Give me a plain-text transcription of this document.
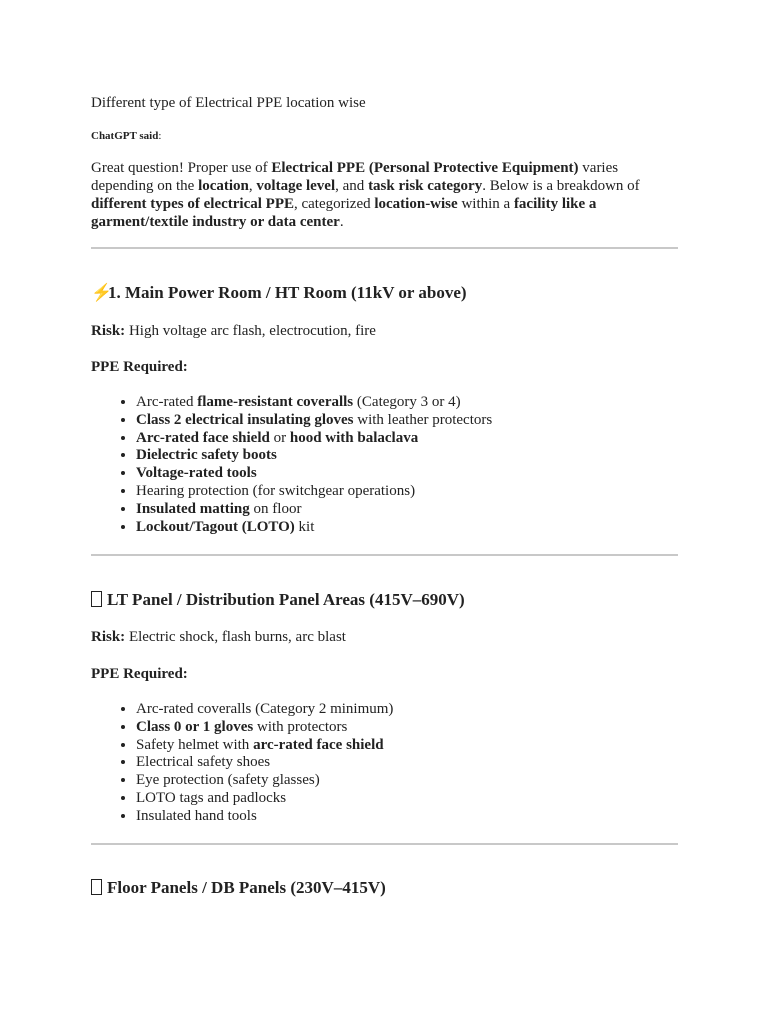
Different type of Electrical PPE location wise

ChatGPT said:

Great question! Proper use of Electrical PPE (Personal Protective Equipment) varies depending on the location, voltage level, and task risk category. Below is a breakdown of different types of electrical PPE, categorized location-wise within a facility like a garment/textile industry or data center.

⚡1. Main Power Room / HT Room (11kV or above)

Risk: High voltage arc flash, electrocution, fire

PPE Required:

• Arc-rated flame-resistant coveralls (Category 3 or 4)
• Class 2 electrical insulating gloves with leather protectors
• Arc-rated face shield or hood with balaclava
• Dielectric safety boots
• Voltage-rated tools
• Hearing protection (for switchgear operations)
• Insulated matting on floor
• Lockout/Tagout (LOTO) kit
LT Panel / Distribution Panel Areas (415V–690V)

Risk: Electric shock, flash burns, arc blast

PPE Required:

• Arc-rated coveralls (Category 2 minimum)
• Class 0 or 1 gloves with protectors
• Safety helmet with arc-rated face shield
• Electrical safety shoes
• Eye protection (safety glasses)
• LOTO tags and padlocks
• Insulated hand tools
Floor Panels / DB Panels (230V–415V)
